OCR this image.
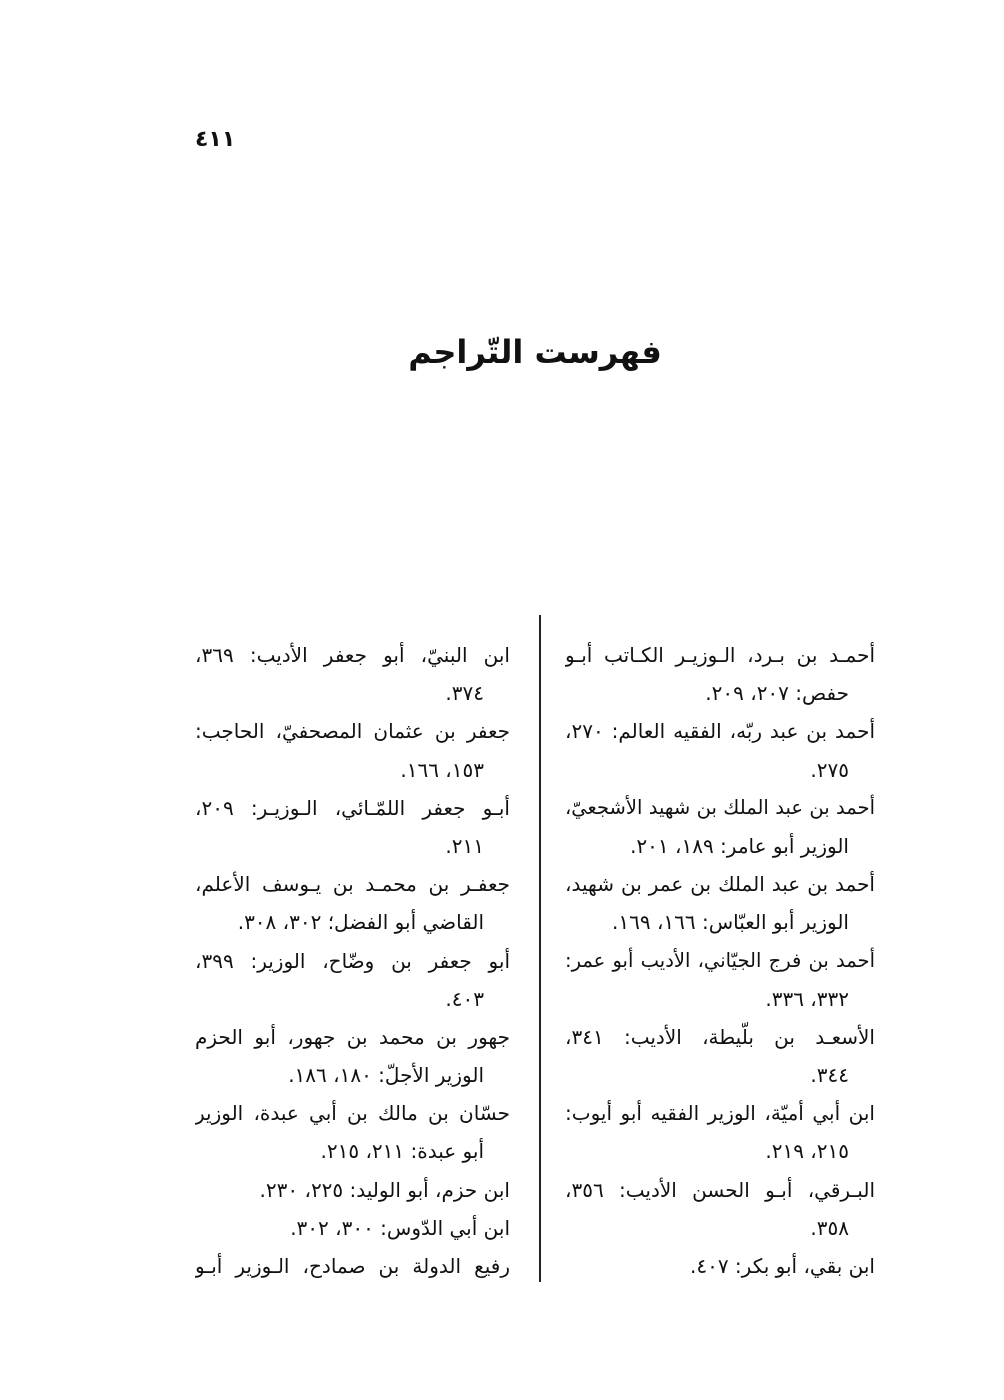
٤١١
فهرست التّراجم
أحمـد بن بـرد، الـوزيـر الكـاتب أبـو
حفص: ٢٠٧، ٢٠٩.
أحمد بن عبد ربّه، الفقيه العالم: ٢٧٠،
٢٧٥.
أحمد بن عبد الملك بن شهيد الأشجعيّ،
الوزير أبو عامر: ١٨٩، ٢٠١.
أحمد بن عبد الملك بن عمر بن شهيد،
الوزير أبو العبّاس: ١٦٦، ١٦٩.
أحمد بن فرج الجيّاني، الأديب أبو عمر:
٣٣٢، ٣٣٦.
الأسعـد بن بلّيطة، الأديب: ٣٤١،
٣٤٤.
ابن أبي أميّة، الوزير الفقيه أبو أيوب:
٢١٥، ٢١٩.
البـرقي، أبـو الحسن الأديب: ٣٥٦،
٣٥٨.
ابن بقي، أبو بكر: ٤٠٧.
ابن البنيّ، أبو جعفر الأديب: ٣٦٩،
٣٧٤.
جعفر بن عثمان المصحفيّ، الحاجب:
١٥٣، ١٦٦.
أبـو جعفر اللمّـائي، الـوزيـر: ٢٠٩،
٢١١.
جعفـر بن محمـد بن يـوسف الأعلم،
القاضي أبو الفضل؛ ٣٠٢، ٣٠٨.
أبو جعفر بن وضّاح، الوزير: ٣٩٩،
٤٠٣.
جهور بن محمد بن جهور، أبو الحزم
الوزير الأجلّ: ١٨٠، ١٨٦.
حسّان بن مالك بن أبي عبدة، الوزير
أبو عبدة: ٢١١، ٢١٥.
ابن حزم، أبو الوليد: ٢٢٥، ٢٣٠.
ابن أبي الدّوس: ٣٠٠، ٣٠٢.
رفيع الدولة بن صمادح، الـوزير أبـو
